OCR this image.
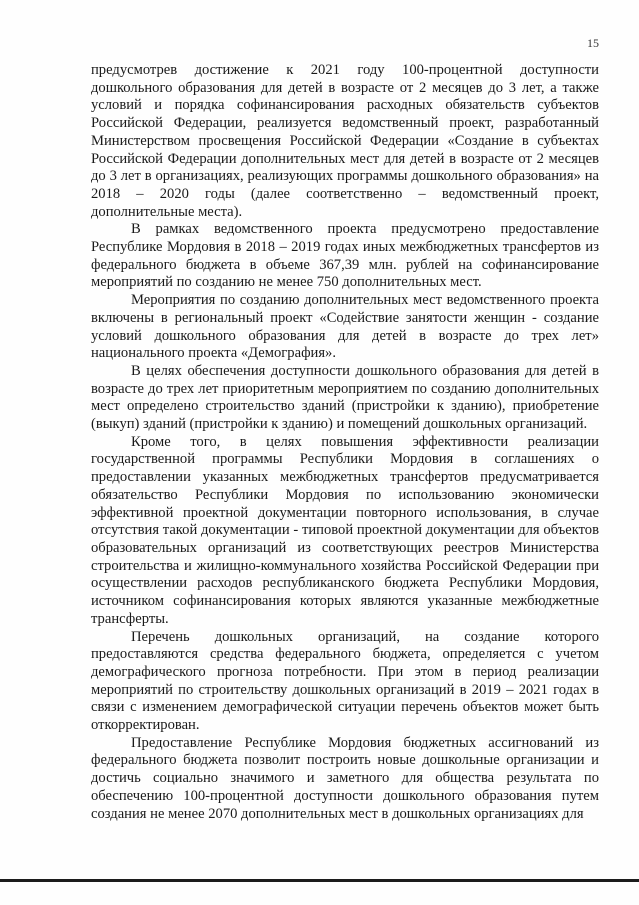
15

предусмотрев достижение к 2021 году 100-процентной доступности дошкольного образования для детей в возрасте от 2 месяцев до 3 лет, а также условий и порядка софинансирования расходных обязательств субъектов Российской Федерации, реализуется ведомственный проект, разработанный Министерством просвещения Российской Федерации «Создание в субъектах Российской Федерации дополнительных мест для детей в возрасте от 2 месяцев до 3 лет в организациях, реализующих программы дошкольного образования» на 2018 – 2020 годы (далее соответственно – ведомственный проект, дополнительные места).

В рамках ведомственного проекта предусмотрено предоставление Республике Мордовия в 2018 – 2019 годах иных межбюджетных трансфертов из федерального бюджета в объеме 367,39 млн. рублей на софинансирование мероприятий по созданию не менее 750 дополнительных мест.

Мероприятия по созданию дополнительных мест ведомственного проекта включены в региональный проект «Содействие занятости женщин - создание условий дошкольного образования для детей в возрасте до трех лет» национального проекта «Демография».

В целях обеспечения доступности дошкольного образования для детей в возрасте до трех лет приоритетным мероприятием по созданию дополнительных мест определено строительство зданий (пристройки к зданию), приобретение (выкуп) зданий (пристройки к зданию) и помещений дошкольных организаций.

Кроме того, в целях повышения эффективности реализации государственной программы Республики Мордовия в соглашениях о предоставлении указанных межбюджетных трансфертов предусматривается обязательство Республики Мордовия по использованию экономически эффективной проектной документации повторного использования, в случае отсутствия такой документации - типовой проектной документации для объектов образовательных организаций из соответствующих реестров Министерства строительства и жилищно-коммунального хозяйства Российской Федерации при осуществлении расходов республиканского бюджета Республики Мордовия, источником софинансирования которых являются указанные межбюджетные трансферты.

Перечень дошкольных организаций, на создание которого предоставляются средства федерального бюджета, определяется с учетом демографического прогноза потребности. При этом в период реализации мероприятий по строительству дошкольных организаций в 2019 – 2021 годах в связи с изменением демографической ситуации перечень объектов может быть откорректирован.

Предоставление Республике Мордовия бюджетных ассигнований из федерального бюджета позволит построить новые дошкольные организации и достичь социально значимого и заметного для общества результата по обеспечению 100-процентной доступности дошкольного образования путем создания не менее 2070 дополнительных мест в дошкольных организациях для
